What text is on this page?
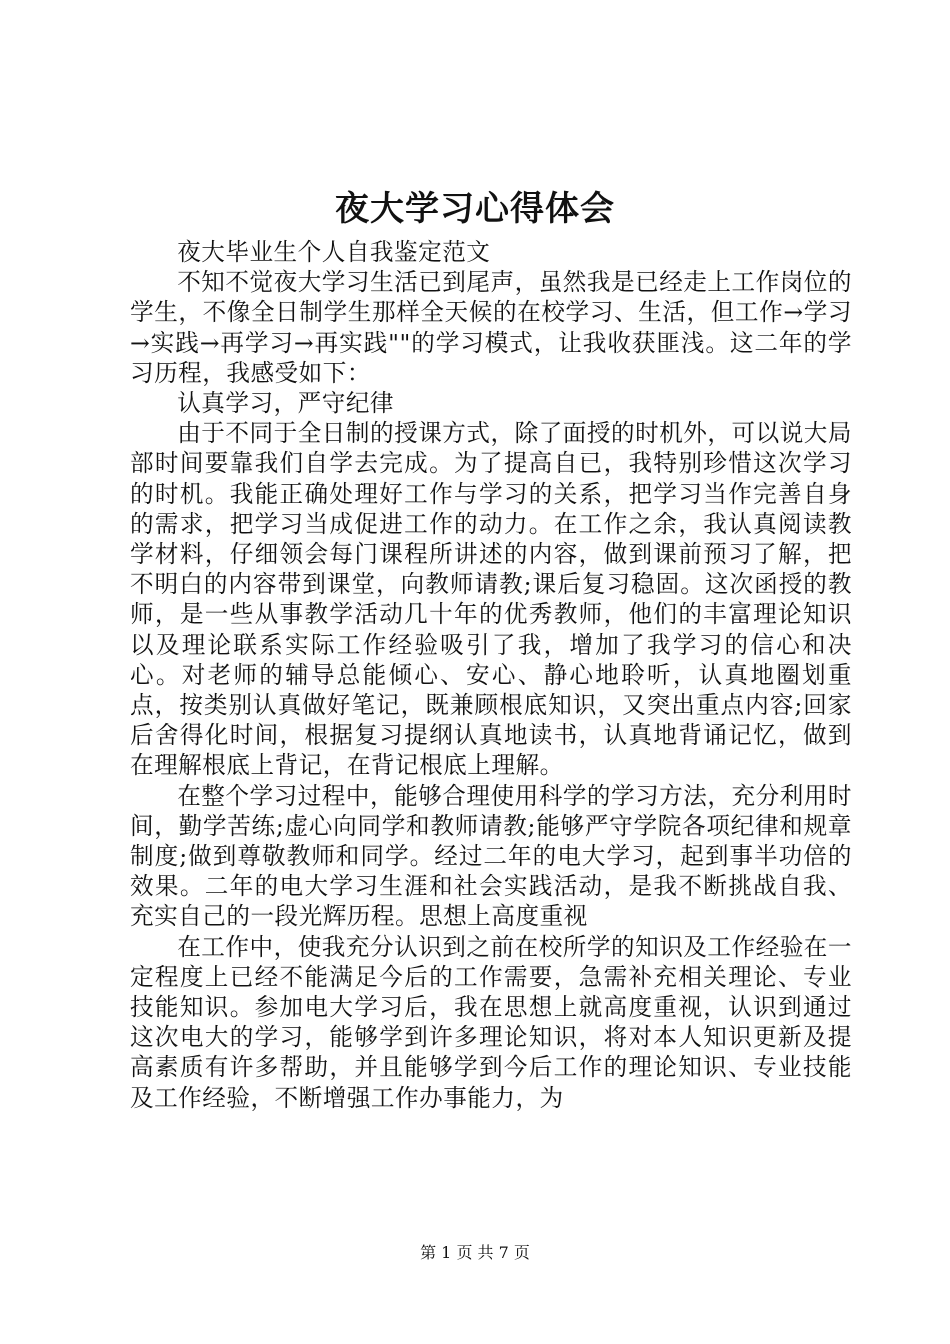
夜大学习心得体会

夜大毕业生个人自我鉴定范文

不知不觉夜大学习生活已到尾声，虽然我是已经走上工作岗位的学生，不像全日制学生那样全天候的在校学习、生活，但工作→学习→实践→再学习→再实践""的学习模式，让我收获匪浅。这二年的学习历程，我感受如下：

认真学习，严守纪律

由于不同于全日制的授课方式，除了面授的时机外，可以说大局部时间要靠我们自学去完成。为了提高自已，我特别珍惜这次学习的时机。我能正确处理好工作与学习的关系，把学习当作完善自身的需求，把学习当成促进工作的动力。在工作之余，我认真阅读教学材料，仔细领会每门课程所讲述的内容，做到课前预习了解，把不明白的内容带到课堂，向教师请教;课后复习稳固。这次函授的教师，是一些从事教学活动几十年的优秀教师，他们的丰富理论知识以及理论联系实际工作经验吸引了我，增加了我学习的信心和决心。对老师的辅导总能倾心、安心、静心地聆听，认真地圈划重点，按类别认真做好笔记，既兼顾根底知识，又突出重点内容;回家后舍得化时间，根据复习提纲认真地读书，认真地背诵记忆，做到在理解根底上背记，在背记根底上理解。

在整个学习过程中，能够合理使用科学的学习方法，充分利用时间，勤学苦练;虚心向同学和教师请教;能够严守学院各项纪律和规章制度;做到尊敬教师和同学。经过二年的电大学习，起到事半功倍的效果。二年的电大学习生涯和社会实践活动，是我不断挑战自我、充实自己的一段光辉历程。思想上高度重视

在工作中，使我充分认识到之前在校所学的知识及工作经验在一定程度上已经不能满足今后的工作需要，急需补充相关理论、专业技能知识。参加电大学习后，我在思想上就高度重视，认识到通过这次电大的学习，能够学到许多理论知识，将对本人知识更新及提高素质有许多帮助，并且能够学到今后工作的理论知识、专业技能及工作经验，不断增强工作办事能力，为

第 1 页 共 7 页
